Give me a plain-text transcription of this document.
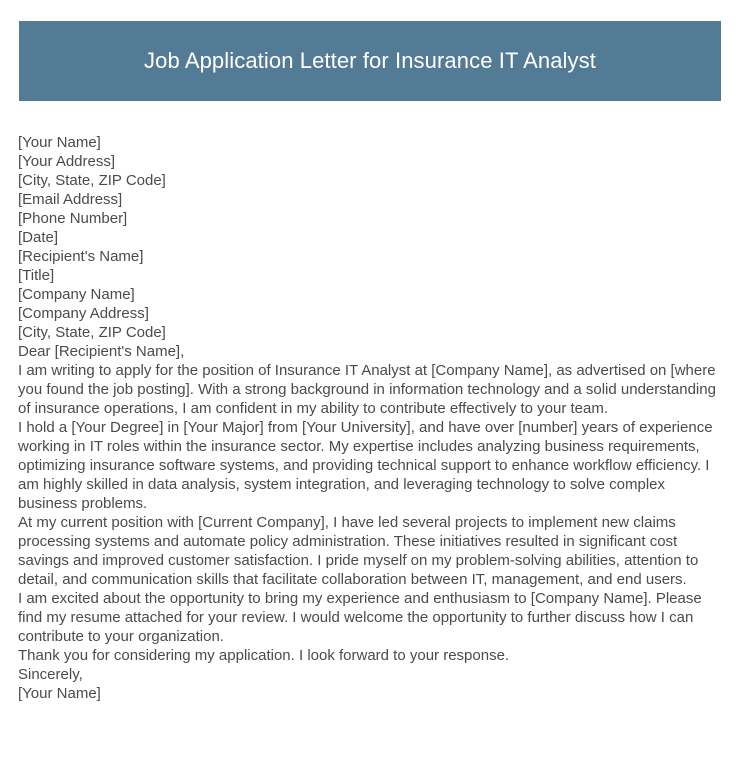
Job Application Letter for Insurance IT Analyst

[Your Name]

[Your Address]

[City, State, ZIP Code]

[Email Address]

[Phone Number]

[Date]

[Recipient's Name]

[Title]

[Company Name]

[Company Address]

[City, State, ZIP Code]

Dear [Recipient's Name],

I am writing to apply for the position of Insurance IT Analyst at [Company Name], as advertised on [where you found the job posting]. With a strong background in information technology and a solid understanding of insurance operations, I am confident in my ability to contribute effectively to your team.

I hold a [Your Degree] in [Your Major] from [Your University], and have over [number] years of experience working in IT roles within the insurance sector. My expertise includes analyzing business requirements, optimizing insurance software systems, and providing technical support to enhance workflow efficiency. I am highly skilled in data analysis, system integration, and leveraging technology to solve complex business problems.

At my current position with [Current Company], I have led several projects to implement new claims processing systems and automate policy administration. These initiatives resulted in significant cost savings and improved customer satisfaction. I pride myself on my problem-solving abilities, attention to detail, and communication skills that facilitate collaboration between IT, management, and end users.

I am excited about the opportunity to bring my experience and enthusiasm to [Company Name]. Please find my resume attached for your review. I would welcome the opportunity to further discuss how I can contribute to your organization.

Thank you for considering my application. I look forward to your response.

Sincerely,

[Your Name]
